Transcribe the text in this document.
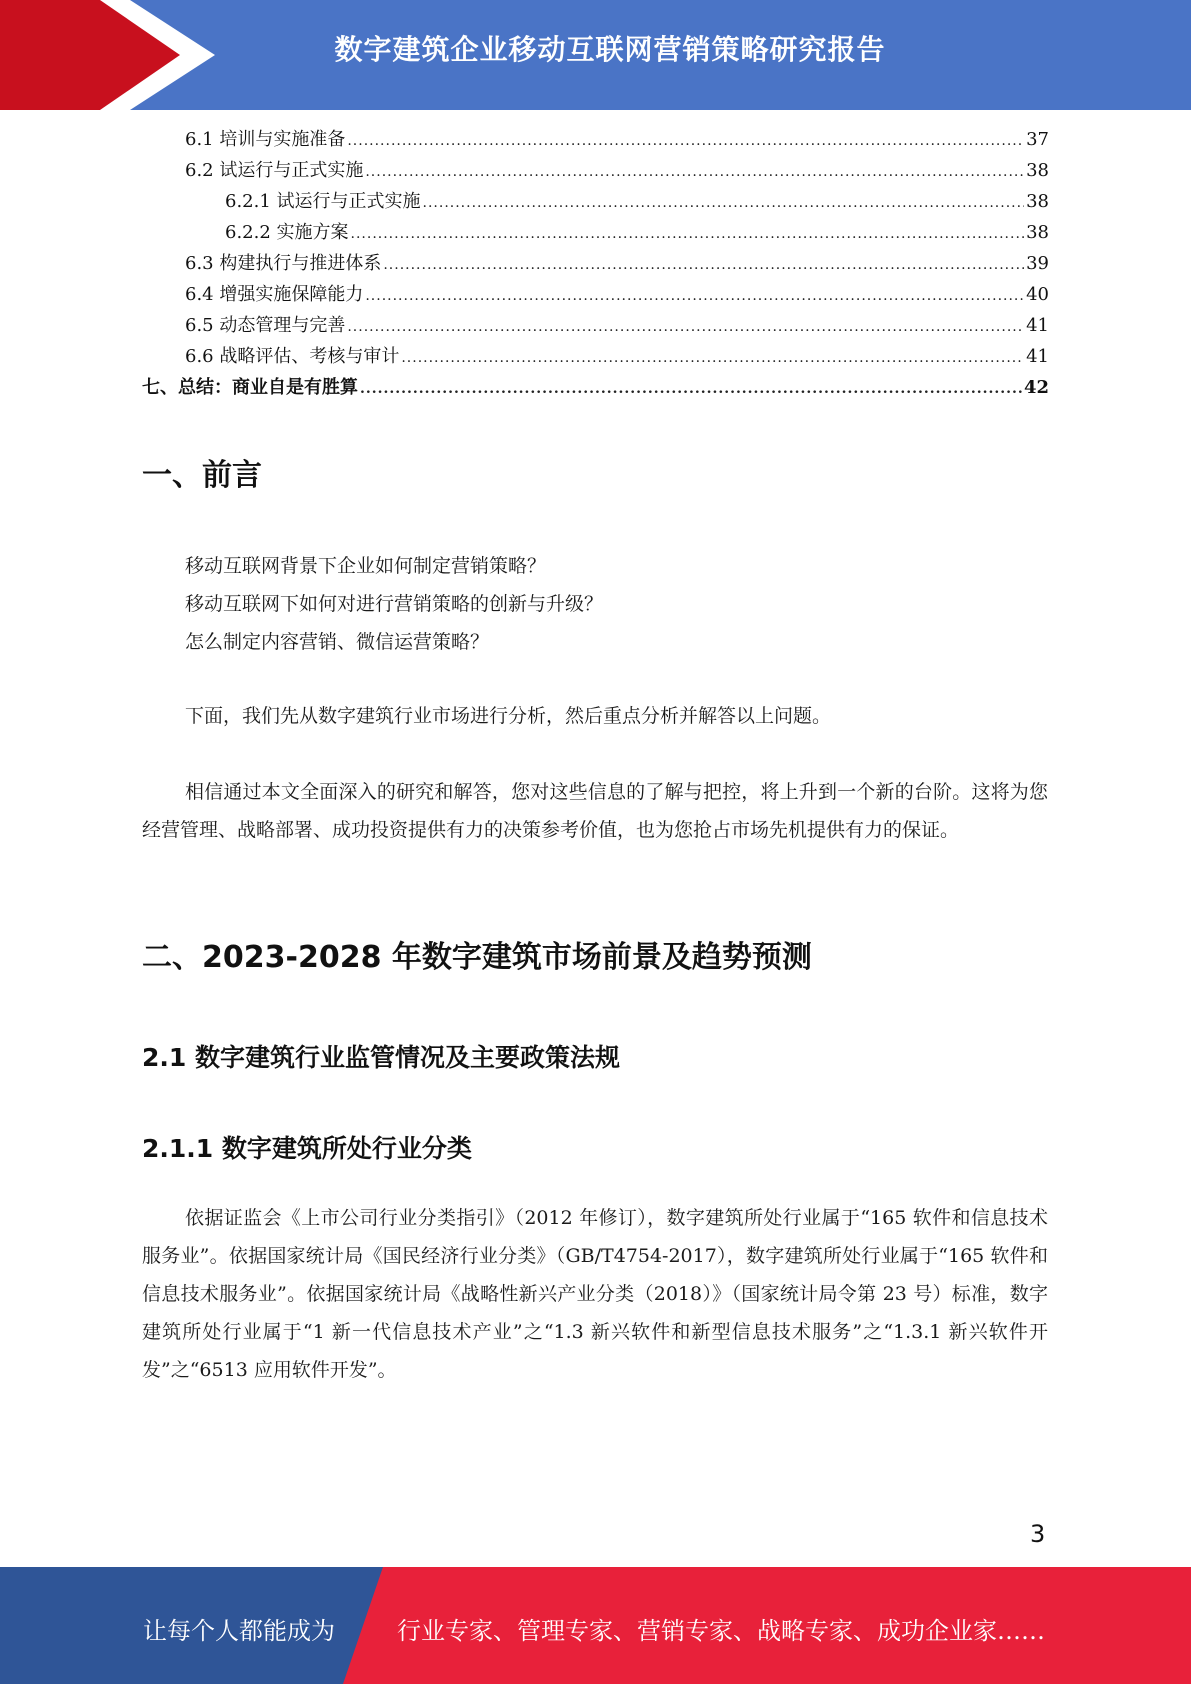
数字建筑企业移动互联网营销策略研究报告
6.1 培训与实施准备 .....	37
6.2 试运行与正式实施 .....	38
6.2.1 试运行与正式实施 .....	38
6.2.2 实施方案 .....	38
6.3 构建执行与推进体系 .....	39
6.4 增强实施保障能力 .....	40
6.5 动态管理与完善 .....	41
6.6 战略评估、考核与审计 .....	41
七、总结：商业自是有胜算 .....	42
一、前言
移动互联网背景下企业如何制定营销策略？
移动互联网下如何对进行营销策略的创新与升级？
怎么制定内容营销、微信运营策略？
下面，我们先从数字建筑行业市场进行分析，然后重点分析并解答以上问题。
相信通过本文全面深入的研究和解答，您对这些信息的了解与把控，将上升到一个新的台阶。这将为您经营管理、战略部署、成功投资提供有力的决策参考价值，也为您抢占市场先机提供有力的保证。
二、2023-2028 年数字建筑市场前景及趋势预测
2.1 数字建筑行业监管情况及主要政策法规
2.1.1 数字建筑所处行业分类
依据证监会《上市公司行业分类指引》（2012 年修订），数字建筑所处行业属于“165 软件和信息技术服务业”。依据国家统计局《国民经济行业分类》（GB/T4754-2017），数字建筑所处行业属于“165 软件和信息技术服务业”。依据国家统计局《战略性新兴产业分类（2018）》（国家统计局令第 23 号）标准，数字建筑所处行业属于“1 新一代信息技术产业”之“1.3 新兴软件和新型信息技术服务”之“1.3.1 新兴软件开发”之“6513 应用软件开发”。
3
让每个人都能成为	行业专家、管理专家、营销专家、战略专家、成功企业家……
